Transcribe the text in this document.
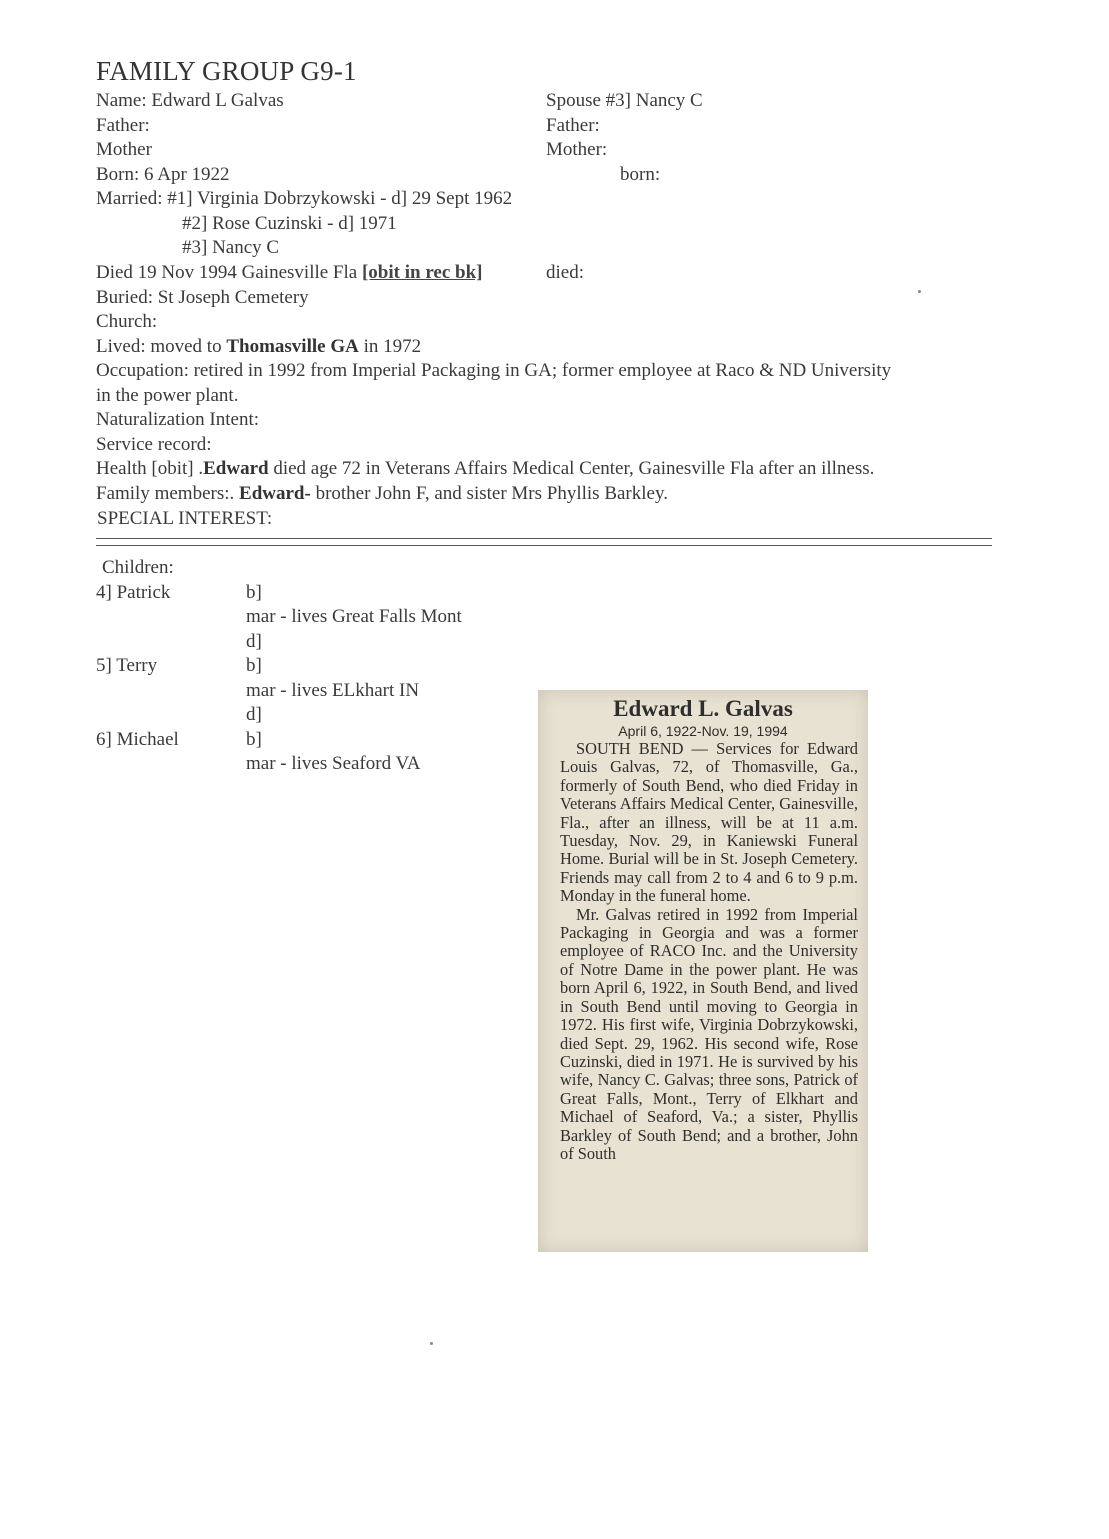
FAMILY GROUP G9-1
Name: Edward L Galvas	Spouse #3] Nancy C
Father:	Father:
Mother	Mother:
Born: 6 Apr 1922	born:
Married: #1] Virginia Dobrzykowski - d] 29 Sept 1962
#2] Rose Cuzinski - d] 1971
#3] Nancy C
Died 19 Nov 1994 Gainesville Fla [obit in rec bk]	died:
Buried: St Joseph Cemetery
Church:
Lived: moved to Thomasville GA in 1972
Occupation: retired in 1992 from Imperial Packaging in GA; former employee at Raco & ND University
in the power plant.
Naturalization Intent:
Service record:
Health [obit] .Edward died age 72 in Veterans Affairs Medical Center, Gainesville Fla after an illness.
Family members:. Edward- brother John F, and sister Mrs Phyllis Barkley.
SPECIAL INTEREST:
Children:
4] Patrick	b]
mar - lives Great Falls Mont
d]
5] Terry	b]
mar - lives ELkhart IN
d]
6] Michael	b]
mar - lives Seaford VA
Edward L. Galvas
April 6, 1922-Nov. 19, 1994

SOUTH BEND — Services for Edward Louis Galvas, 72, of Thomasville, Ga., formerly of South Bend, who died Friday in Veterans Affairs Medical Center, Gainesville, Fla., after an illness, will be at 11 a.m. Tuesday, Nov. 29, in Kaniewski Funeral Home. Burial will be in St. Joseph Cemetery. Friends may call from 2 to 4 and 6 to 9 p.m. Monday in the funeral home.

Mr. Galvas retired in 1992 from Imperial Packaging in Georgia and was a former employee of RACO Inc. and the University of Notre Dame in the power plant. He was born April 6, 1922, in South Bend, and lived in South Bend until moving to Georgia in 1972. His first wife, Virginia Dobrzykowski, died Sept. 29, 1962. His second wife, Rose Cuzinski, died in 1971. He is survived by his wife, Nancy C. Galvas; three sons, Patrick of Great Falls, Mont., Terry of Elkhart and Michael of Seaford, Va.; a sister, Phyllis Barkley of South Bend; and a brother, John of South
